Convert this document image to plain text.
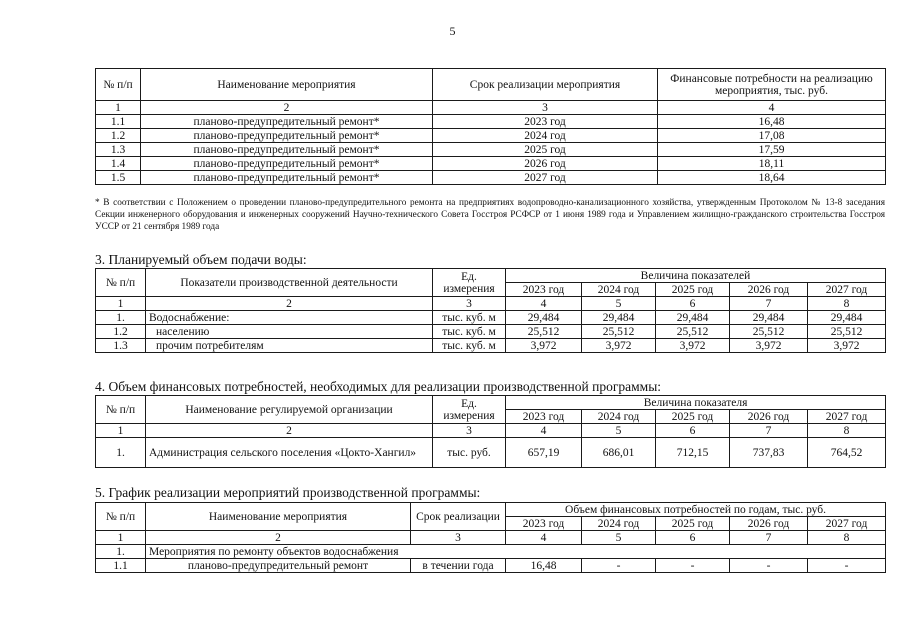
5
№ п/п	Наименование мероприятия	Срок реализации мероприятия	Финансовые потребности на реализацию мероприятия, тыс. руб.
1	2	3	4
1.1	планово-предупредительный ремонт*	2023 год	16,48
1.2	планово-предупредительный ремонт*	2024 год	17,08
1.3	планово-предупредительный ремонт*	2025 год	17,59
1.4	планово-предупредительный ремонт*	2026 год	18,11
1.5	планово-предупредительный ремонт*	2027 год	18,64
* В соответствии с Положением о проведении планово-предупредительного ремонта на предприятиях водопроводно-канализационного хозяйства, утвержденным Протоколом № 13-8 заседания Секции инженерного оборудования и инженерных сооружений Научно-технического Совета Госстроя РСФСР от 1 июня 1989 года и Управлением жилищно-гражданского строительства Госстроя УССР от 21 сентября 1989 года
3. Планируемый объем подачи воды:
№ п/п	Показатели производственной деятельности	Ед. измерения	Величина показателей				
			2023 год	2024 год	2025 год	2026 год	2027 год
1	2	3	4	5	6	7	8
1.	Водоснабжение:	тыс. куб. м	29,484	29,484	29,484	29,484	29,484
1.2	населению	тыс. куб. м	25,512	25,512	25,512	25,512	25,512
1.3	прочим потребителям	тыс. куб. м	3,972	3,972	3,972	3,972	3,972
4. Объем финансовых потребностей, необходимых для реализации производственной программы:
№ п/п	Наименование регулируемой организации	Ед. измерения	Величина показателя				
			2023 год	2024 год	2025 год	2026 год	2027 год
1	2	3	4	5	6	7	8
1.	Администрация сельского поселения «Цокто-Хангил»	тыс. руб.	657,19	686,01	712,15	737,83	764,52
5. График реализации мероприятий производственной программы:
№ п/п	Наименование мероприятия	Срок реализации	Объем финансовых потребностей по годам, тыс. руб.				
			2023 год	2024 год	2025 год	2026 год	2027 год
1	2	3	4	5	6	7	8
1.	Мероприятия по ремонту объектов водоснабжения						
1.1	планово-предупредительный ремонт	в течении года	16,48	-	-	-	-
